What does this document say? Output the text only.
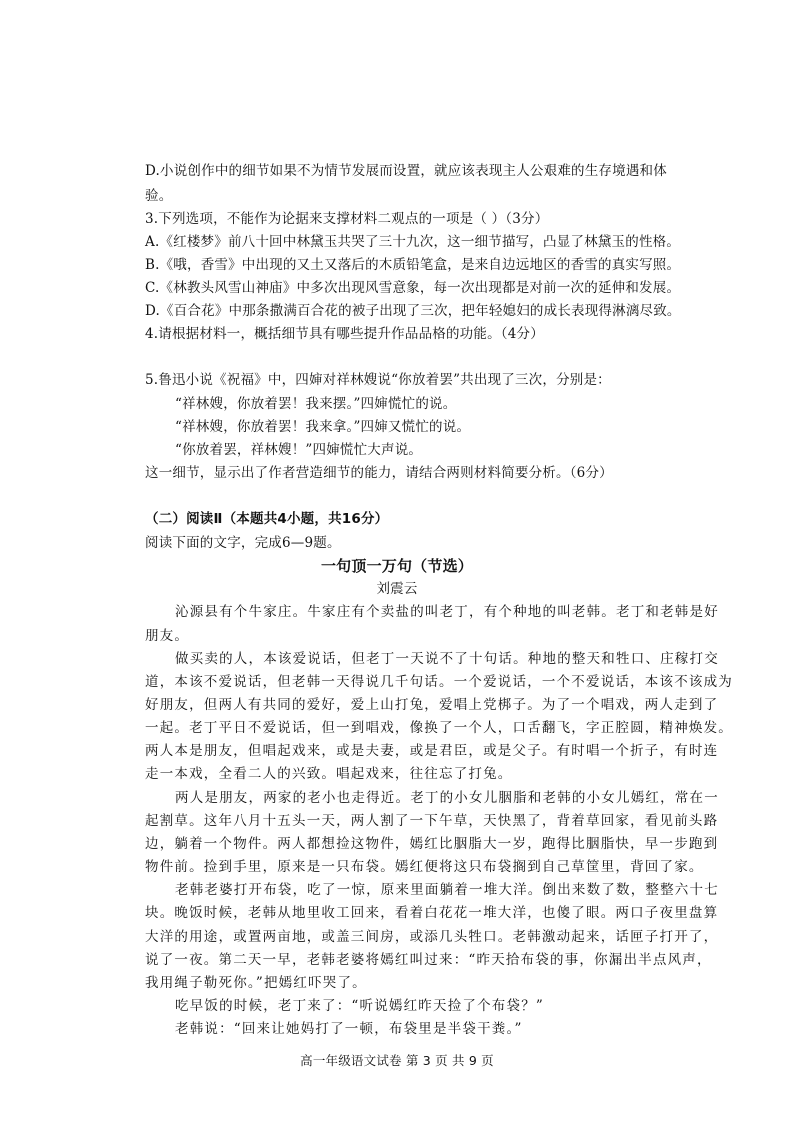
D.小说创作中的细节如果不为情节发展而设置，就应该表现主人公艰难的生存境遇和体
验。
3.下列选项，不能作为论据来支撑材料二观点的一项是（ ）（3分）
A.《红楼梦》前八十回中林黛玉共哭了三十九次，这一细节描写，凸显了林黛玉的性格。
B.《哦，香雪》中出现的又土又落后的木质铅笔盒，是来自边远地区的香雪的真实写照。
C.《林教头风雪山神庙》中多次出现风雪意象，每一次出现都是对前一次的延伸和发展。
D.《百合花》中那条撒满百合花的被子出现了三次，把年轻媳妇的成长表现得淋漓尽致。
4.请根据材料一，概括细节具有哪些提升作品品格的功能。（4分）
5.鲁迅小说《祝福》中，四婶对祥林嫂说“你放着罢”共出现了三次，分别是：
“祥林嫂，你放着罢！我来摆。”四婶慌忙的说。
“祥林嫂，你放着罢！我来拿。”四婶又慌忙的说。
“你放着罢，祥林嫂！”四婶慌忙大声说。
这一细节，显示出了作者营造细节的能力，请结合两则材料简要分析。（6分）
（二）阅读Ⅱ（本题共4小题，共16分）
阅读下面的文字，完成6—9题。
一句顶一万句（节选）
刘震云
沁源县有个牛家庄。牛家庄有个卖盐的叫老丁，有个种地的叫老韩。老丁和老韩是好
朋友。
做买卖的人，本该爱说话，但老丁一天说不了十句话。种地的整天和牲口、庄稼打交
道，本该不爱说话，但老韩一天得说几千句话。一个爱说话，一个不爱说话，本该不该成为
好朋友，但两人有共同的爱好，爱上山打兔，爱唱上党梆子。为了一个唱戏，两人走到了
一起。老丁平日不爱说话，但一到唱戏，像换了一个人，口舌翻飞，字正腔圆，精神焕发。
两人本是朋友，但唱起戏来，或是夫妻，或是君臣，或是父子。有时唱一个折子，有时连
走一本戏，全看二人的兴致。唱起戏来，往往忘了打兔。
两人是朋友，两家的老小也走得近。老丁的小女儿胭脂和老韩的小女儿嫣红，常在一
起割草。这年八月十五头一天，两人割了一下午草，天快黑了，背着草回家，看见前头路
边，躺着一个物件。两人都想捡这物件，嫣红比胭脂大一岁，跑得比胭脂快，早一步跑到
物件前。捡到手里，原来是一只布袋。嫣红便将这只布袋搁到自己草筐里，背回了家。
老韩老婆打开布袋，吃了一惊，原来里面躺着一堆大洋。倒出来数了数，整整六十七
块。晚饭时候，老韩从地里收工回来，看着白花花一堆大洋，也傻了眼。两口子夜里盘算
大洋的用途，或置两亩地，或盖三间房，或添几头牲口。老韩激动起来，话匣子打开了，
说了一夜。第二天一早，老韩老婆将嫣红叫过来：“昨天拾布袋的事，你漏出半点风声，
我用绳子勒死你。”把嫣红吓哭了。
吃早饭的时候，老丁来了：“听说嫣红昨天捡了个布袋？”
老韩说：“回来让她妈打了一顿，布袋里是半袋干粪。”
高一年级语文试卷 第 3 页 共 9 页
